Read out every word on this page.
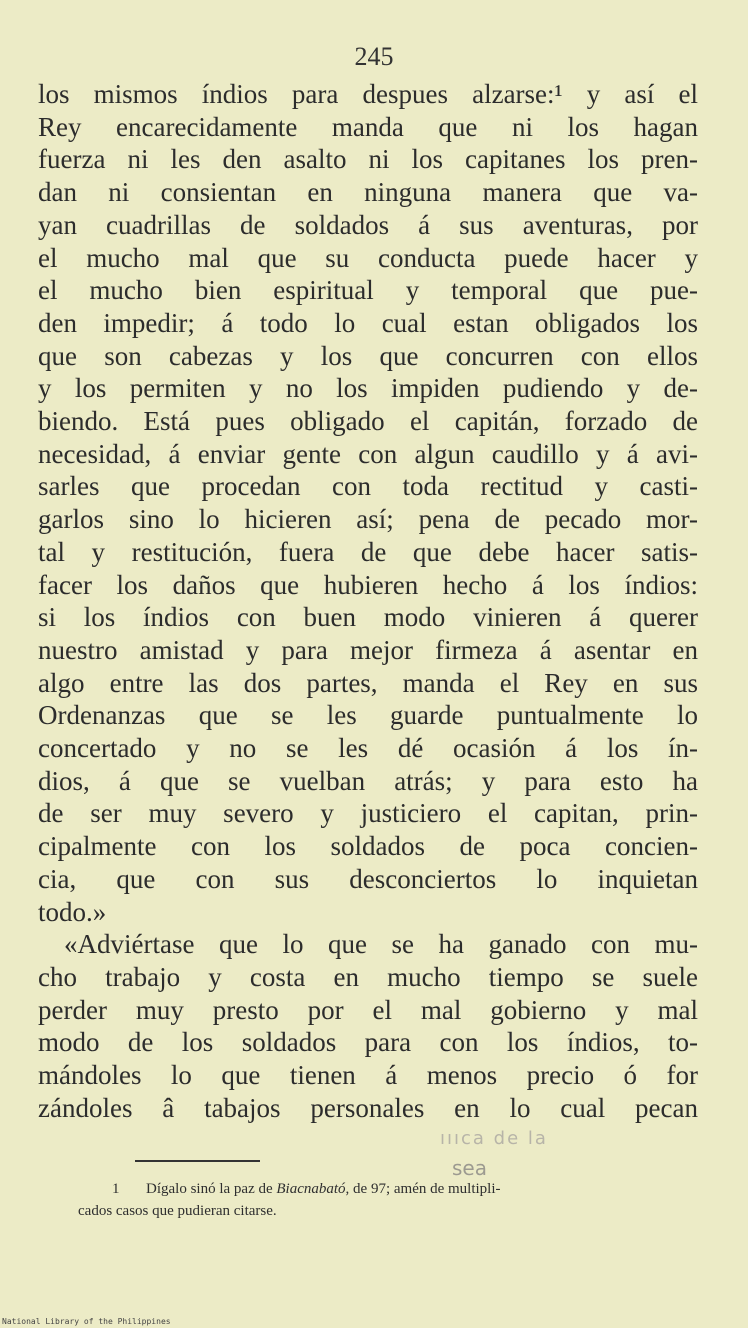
245
los mismos índios para despues alzarse:¹ y así el
Rey encarecidamente manda que ni los hagan
fuerza ni les den asalto ni los capitanes los pren-
dan ni consientan en ninguna manera que va-
yan cuadrillas de soldados á sus aventuras, por
el mucho mal que su conducta puede hacer y
el mucho bien espiritual y temporal que pue-
den impedir; á todo lo cual estan obligados los
que son cabezas y los que concurren con ellos
y los permiten y no los impiden pudiendo y de-
biendo. Está pues obligado el capitán, forzado de
necesidad, á enviar gente con algun caudillo y á avi-
sarles que procedan con toda rectitud y casti-
garlos sino lo hicieren así; pena de pecado mor-
tal y restitución, fuera de que debe hacer satis-
facer los daños que hubieren hecho á los índios:
si los índios con buen modo vinieren á querer
nuestro amistad y para mejor firmeza á asentar en
algo entre las dos partes, manda el Rey en sus
Ordenanzas que se les guarde puntualmente lo
concertado y no se les dé ocasión á los ín-
dios, á que se vuelban atrás; y para esto ha
de ser muy severo y justiciero el capitan, prin-
cipalmente con los soldados de poca concien-
cia, que con sus desconciertos lo inquietan
todo.»
«Adviértase que lo que se ha ganado con mu-
cho trabajo y costa en mucho tiempo se suele
perder muy presto por el mal gobierno y mal
modo de los soldados para con los índios, to-
mándoles lo que tienen á menos precio ó for
zándoles â tabajos personales en lo cual pecan
ıııca de la
sea
1 Dígalo sinó la paz de Biacnabató, de 97; amén de multipli-
cados casos que pudieran citarse.
National Library of the Philippines
